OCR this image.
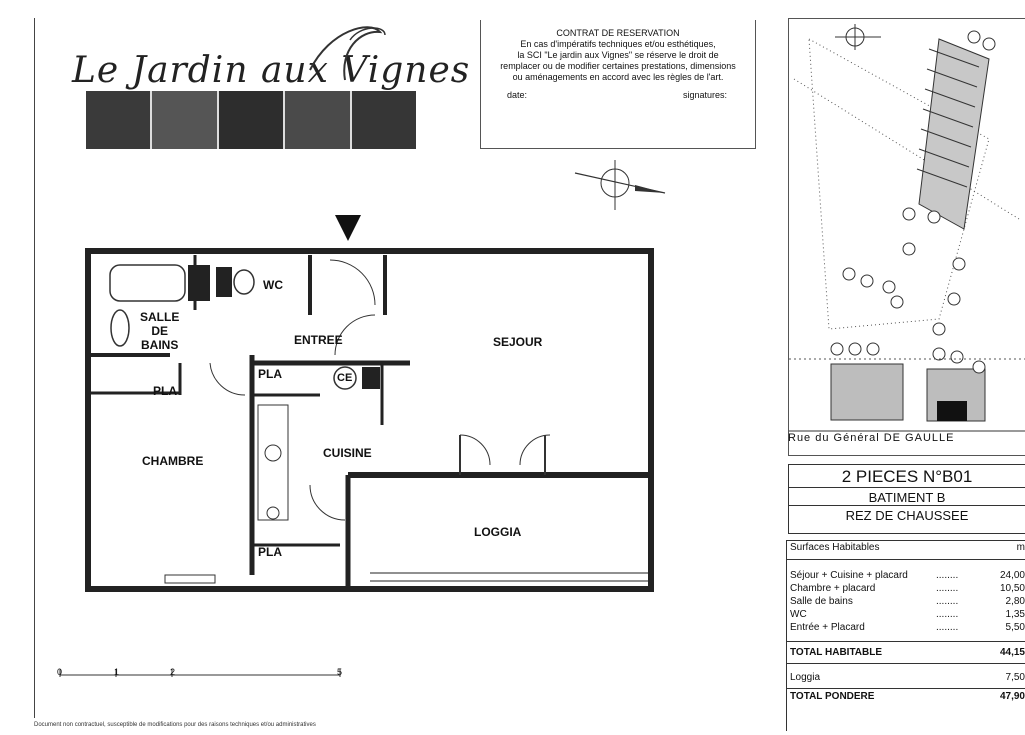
Le Jardin aux Vignes
CONTRAT DE RESERVATION
En cas d'impératifs techniques et/ou esthétiques,
la SCI "Le jardin aux Vignes" se réserve le droit de
remplacer ou de modifier certaines prestations, dimensions
ou aménagements en accord avec les règles de l'art.
date:	signatures:
SALLE
DE
BAINS
WC
ENTREE	SEJOUR
PLA
PLA	CE
CHAMBRE
CUISINE
LOGGIA
PLA
0	1	2	5
Document non contractuel, susceptible de modifications pour des raisons techniques et/ou administratives
Rue du Général DE GAULLE
2 PIECES N°B01
BATIMENT B
REZ DE CHAUSSEE
Surfaces Habitables	m
Séjour + Cuisine + placard	........	24,00
Chambre + placard	........	10,50
Salle de bains	........	2,80
WC	........	1,35
Entrée + Placard	........	5,50
TOTAL HABITABLE	44,15
Loggia	7,50
TOTAL PONDERE	47,90
